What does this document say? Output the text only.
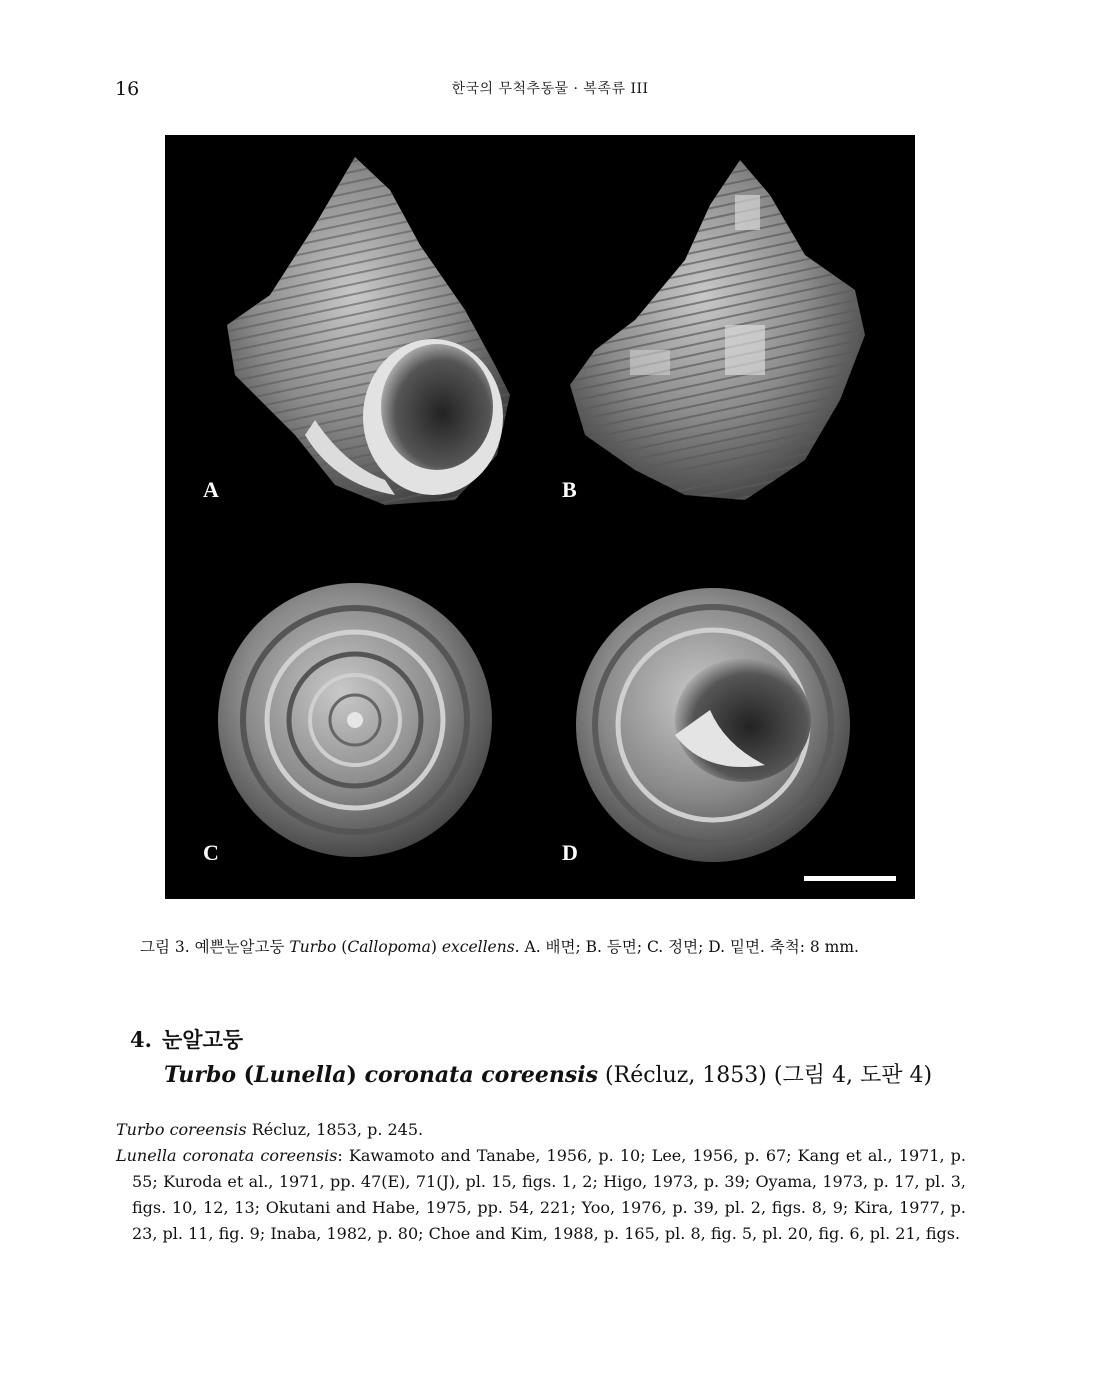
16	한국의 무척추동물 · 복족류 III
A	B
C	D
그림 3. 예쁜눈알고둥 Turbo (Callopoma) excellens. A. 배면; B. 등면; C. 정면; D. 밑면. 축척: 8 mm.
4. 눈알고둥
Turbo (Lunella) coronata coreensis (Récluz, 1853) (그림 4, 도판 4)

Turbo coreensis Récluz, 1853, p. 245.

Lunella coronata coreensis: Kawamoto and Tanabe, 1956, p. 10; Lee, 1956, p. 67; Kang et al., 1971, p. 55; Kuroda et al., 1971, pp. 47(E), 71(J), pl. 15, figs. 1, 2; Higo, 1973, p. 39; Oyama, 1973, p. 17, pl. 3, figs. 10, 12, 13; Okutani and Habe, 1975, pp. 54, 221; Yoo, 1976, p. 39, pl. 2, figs. 8, 9; Kira, 1977, p. 23, pl. 11, fig. 9; Inaba, 1982, p. 80; Choe and Kim, 1988, p. 165, pl. 8, fig. 5, pl. 20, fig. 6, pl. 21, figs.
